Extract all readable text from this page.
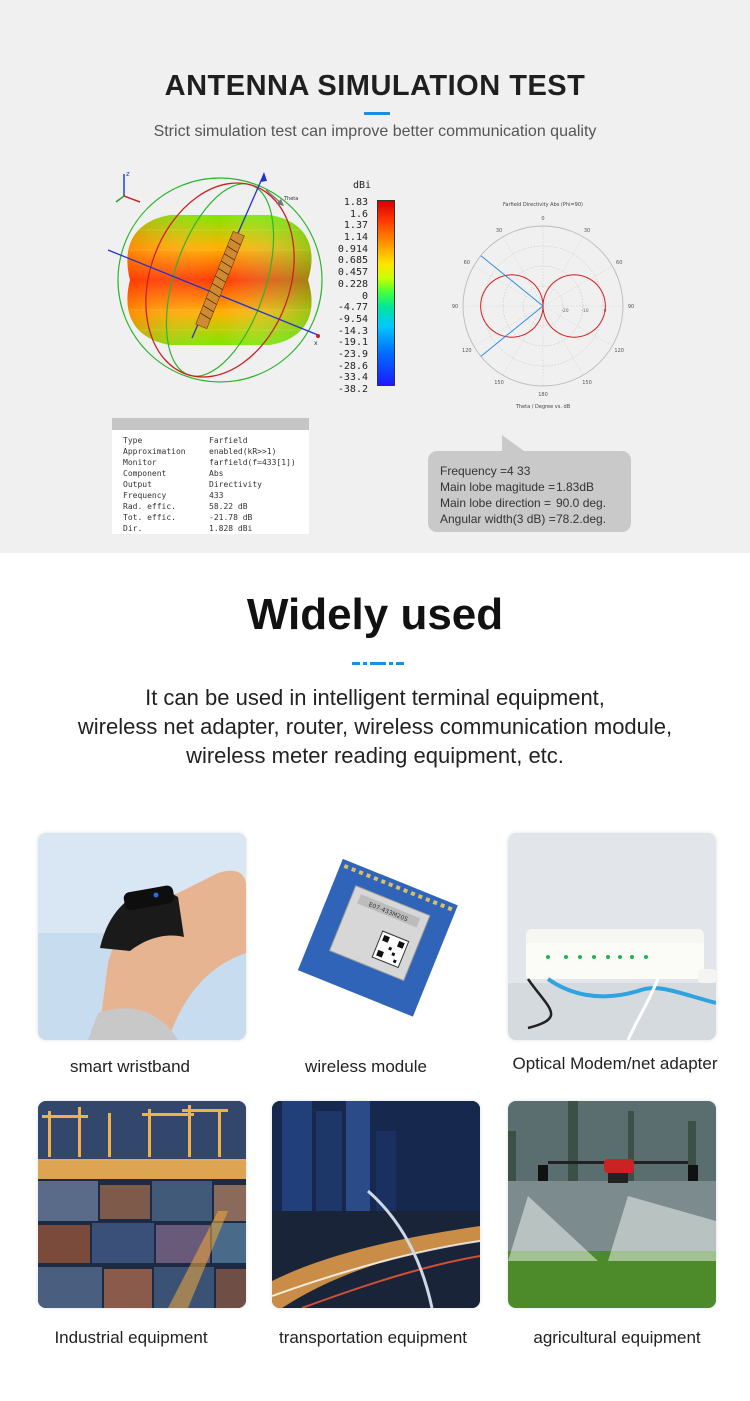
ANTENNA SIMULATION TEST
Strict simulation test can improve better communication quality
z
Theta
x
dBi
1.83
1.6
1.37
1.14
0.914
0.685
0.457
0.228
0
-4.77
-9.54
-14.3
-19.1
-23.9
-28.6
-33.4
-38.2
Farfield Directivity Abs (Phi=90)
0
30
60
90
120
150
180
150
120
90
60
30
-20	-10	0
Theta / Degree vs. dB
Type	Farfield
Approximation	enabled(kR>>1)
Monitor	farfield(f=433[1])
Component	Abs
Output	Directivity
Frequency	433
Rad. effic.	58.22 dB
Tot. effic.	-21.78 dB
Dir.	1.828 dBi
Frequency =4 33
Main lobe magitude = 1.83dB
Main lobe direction = 90.0 deg.
Angular width(3 dB) = 78.2.deg.
Widely used
It can be used in intelligent terminal equipment,
wireless net adapter, router, wireless communication module,
wireless meter reading equipment, etc.
smart wristband
E07-433M20S
wireless module	Optical Modem/net adapter
Industrial equipment	transportation equipment	agricultural equipment
